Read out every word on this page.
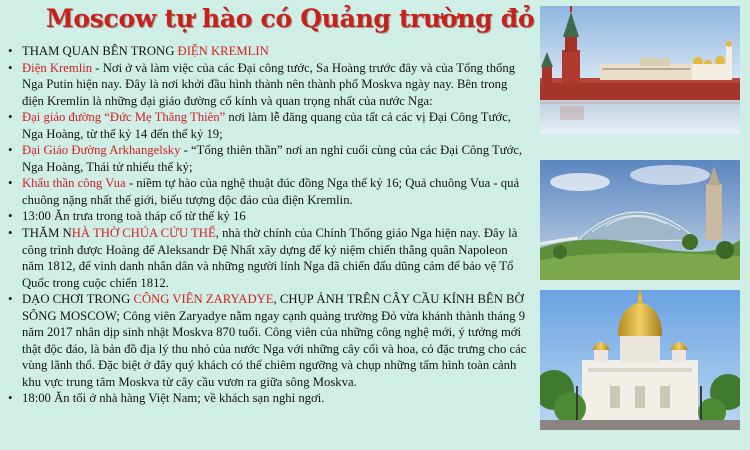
Moscow tự hào có Quảng trường đỏ
• THAM QUAN BÊN TRONG ĐIỆN KREMLIN
• Điện Kremlin - Nơi ở và làm việc của các Đại công tước, Sa Hoàng trước đây và của Tổng thống Nga Putin hiện nay. Đây là nơi khởi đầu hình thành nên thành phố Moskva ngày nay. Bên trong điện Kremlin là những đại giáo đường cổ kính và quan trọng nhất của nước Nga:
• Đại giáo đường “Đức Mẹ Thăng Thiên” nơi làm lễ đăng quang của tất cả các vị Đại Công Tước, Nga Hoàng, từ thế kỷ 14 đến thế kỷ 19;
• Đại Giáo Đường Arkhangelsky - “Tổng thiên thần” nơi an nghỉ cuối cùng của các Đại Công Tước, Nga Hoàng, Thái tử nhiếu thế kỷ;
• Khẩu thần công Vua - niềm tự hào của nghệ thuật đúc đồng Nga thế kỷ 16; Quả chuông Vua - quả chuông nặng nhất thế giới, biểu tượng độc đáo của điện Kremlin.
• 13:00 Ăn trưa trong toà tháp cổ từ thế kỷ 16
• THĂM NHÀ THỜ CHÚA CỨU THẾ, nhà thờ chính của Chính Thống giáo Nga hiện nay. Đây là công trình được Hoàng đế Aleksandr Đệ Nhất xây dựng để kỷ niệm chiến thắng quân Napoleon năm 1812, để vinh danh nhân dân và những người lính Nga đã chiến đấu dũng cảm để bảo vệ Tổ Quốc trong cuộc chiến 1812.
• DẠO CHƠI TRONG CÔNG VIÊN ZARYADYE, CHỤP ẢNH TRÊN CÂY CẦU KÍNH BÊN BỜ SÔNG MOSCOW; Công viên Zaryadye nằm ngay cạnh quảng trường Đỏ vừa khánh thành tháng 9 năm 2017 nhân dịp sinh nhật Moskva 870 tuổi. Công viên của những công nghệ mới, ý tưởng mới thật độc đáo, là bản đồ địa lý thu nhỏ của nước Nga với những cây cối và hoa, cỏ đặc trưng cho các vùng lãnh thổ. Đặc biệt ở đây quý khách có thể chiêm ngưỡng và chụp những tấm hình toàn cảnh khu vực trung tâm Moskva từ cây cầu vươn ra giữa sông Moskva.
• 18:00 Ăn tối ở nhà hàng Việt Nam; về khách sạn nghỉ ngơi.
